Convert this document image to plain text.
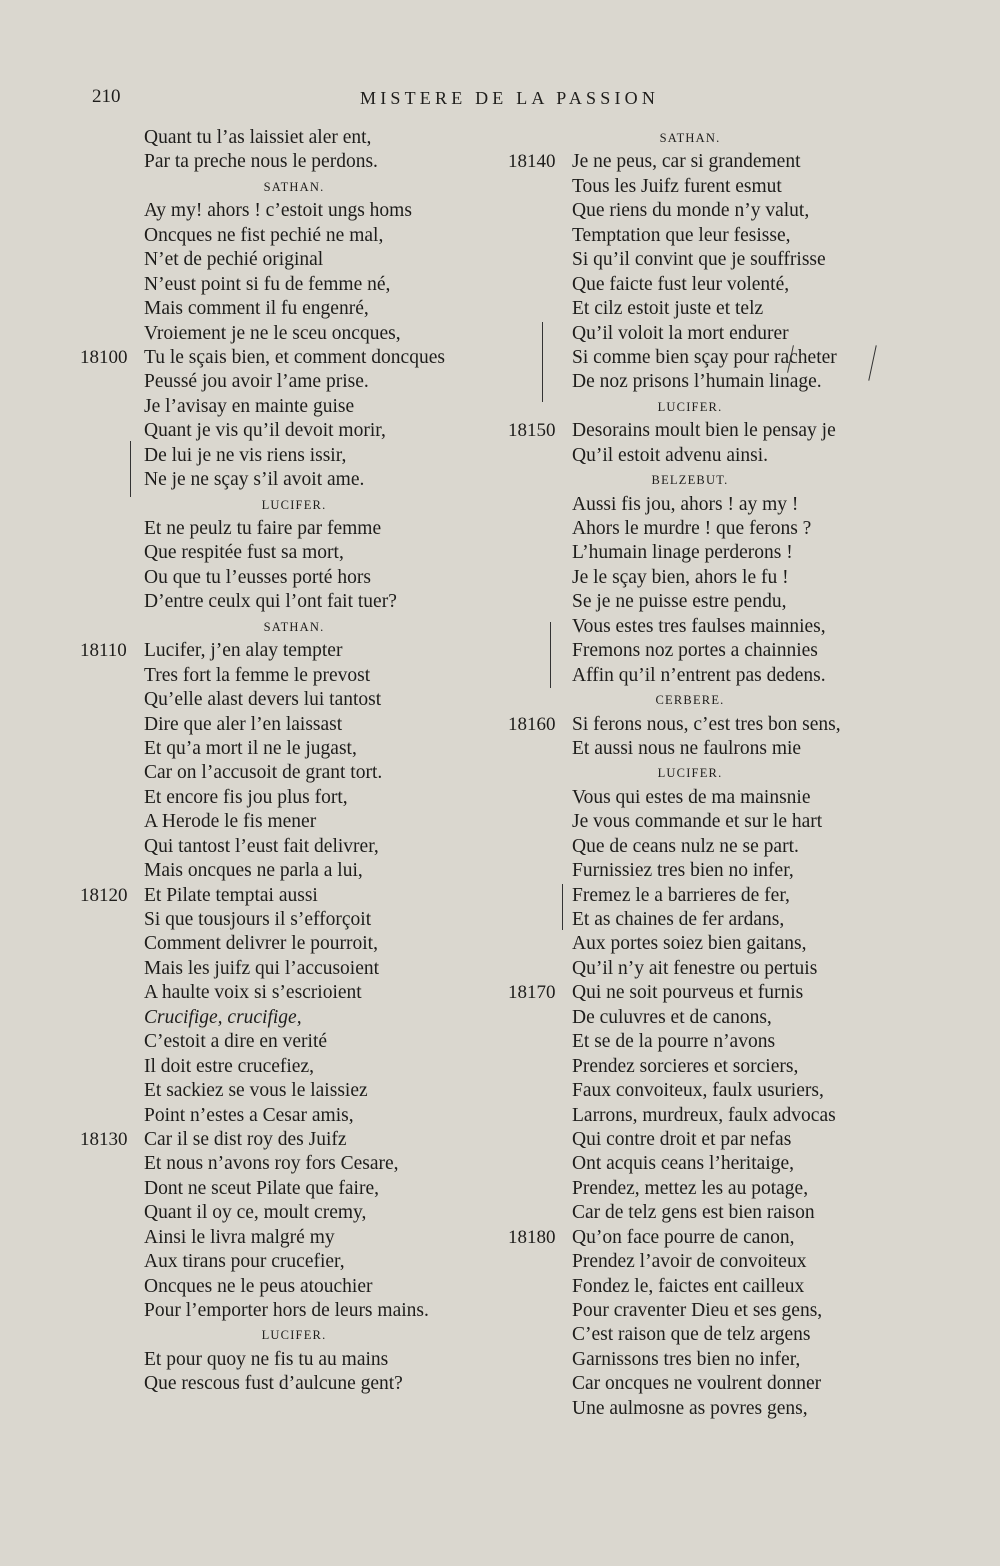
210	MISTERE DE LA PASSION
Quant tu l’as laissiet aler ent,
Par ta preche nous le perdons.
SATHAN.
Ay my! ahors ! c’estoit ungs homs
Oncques ne fist pechié ne mal,
N’et de pechié original
N’eust point si fu de femme né,
Mais comment il fu engenré,
Vroiement je ne le sceu oncques,
18100 Tu le sçais bien, et comment doncques
Peussé jou avoir l’ame prise.
Je l’avisay en mainte guise
Quant je vis qu’il devoit morir,
De lui je ne vis riens issir,
Ne je ne sçay s’il avoit ame.
LUCIFER.
Et ne peulz tu faire par femme
Que respitée fust sa mort,
Ou que tu l’eusses porté hors
D’entre ceulx qui l’ont fait tuer?
SATHAN.
18110 Lucifer, j’en alay tempter
Tres fort la femme le prevost
Qu’elle alast devers lui tantost
Dire que aler l’en laissast
Et qu’a mort il ne le jugast,
Car on l’accusoit de grant tort.
Et encore fis jou plus fort,
A Herode le fis mener
Qui tantost l’eust fait delivrer,
Mais oncques ne parla a lui,
18120 Et Pilate temptai aussi
Si que tousjours il s’efforçoit
Comment delivrer le pourroit,
Mais les juifz qui l’accusoient
A haulte voix si s’escrioient
Crucifige, crucifige,
C’estoit a dire en verité
Il doit estre crucefiez,
Et sackiez se vous le laissiez
Point n’estes a Cesar amis,
18130 Car il se dist roy des Juifz
Et nous n’avons roy fors Cesare,
Dont ne sceut Pilate que faire,
Quant il oy ce, moult cremy,
Ainsi le livra malgré my
Aux tirans pour crucefier,
Oncques ne le peus atouchier
Pour l’emporter hors de leurs mains.
LUCIFER.
Et pour quoy ne fis tu au mains
Que rescous fust d’aulcune gent?
SATHAN.
18140 Je ne peus, car si grandement
Tous les Juifz furent esmut
Que riens du monde n’y valut,
Temptation que leur fesisse,
Si qu’il convint que je souffrisse
Que faicte fust leur volenté,
Et cilz estoit juste et telz
Qu’il voloit la mort endurer
Si comme bien sçay pour racheter
De noz prisons l’humain linage.
LUCIFER.
18150 Desorains moult bien le pensay je
Qu’il estoit advenu ainsi.
BELZEBUT.
Aussi fis jou, ahors ! ay my !
Ahors le murdre ! que ferons ?
L’humain linage perderons !
Je le sçay bien, ahors le fu !
Se je ne puisse estre pendu,
Vous estes tres faulses mainnies,
Fremons noz portes a chainnies
Affin qu’il n’entrent pas dedens.
CERBERE.
18160 Si ferons nous, c’est tres bon sens,
Et aussi nous ne faulrons mie
LUCIFER.
Vous qui estes de ma mainsnie
Je vous commande et sur le hart
Que de ceans nulz ne se part.
Furnissiez tres bien no infer,
Fremez le a barrieres de fer,
Et as chaines de fer ardans,
Aux portes soiez bien gaitans,
Qu’il n’y ait fenestre ou pertuis
18170 Qui ne soit pourveus et furnis
De culuvres et de canons,
Et se de la pourre n’avons
Prendez sorcieres et sorciers,
Faux convoiteux, faulx usuriers,
Larrons, murdreux, faulx advocas
Qui contre droit et par nefas
Ont acquis ceans l’heritaige,
Prendez, mettez les au potage,
Car de telz gens est bien raison
18180 Qu’on face pourre de canon,
Prendez l’avoir de convoiteux
Fondez le, faictes ent cailleux
Pour craventer Dieu et ses gens,
C’est raison que de telz argens
Garnissons tres bien no infer,
Car oncques ne voulrent donner
Une aulmosne as povres gens,
